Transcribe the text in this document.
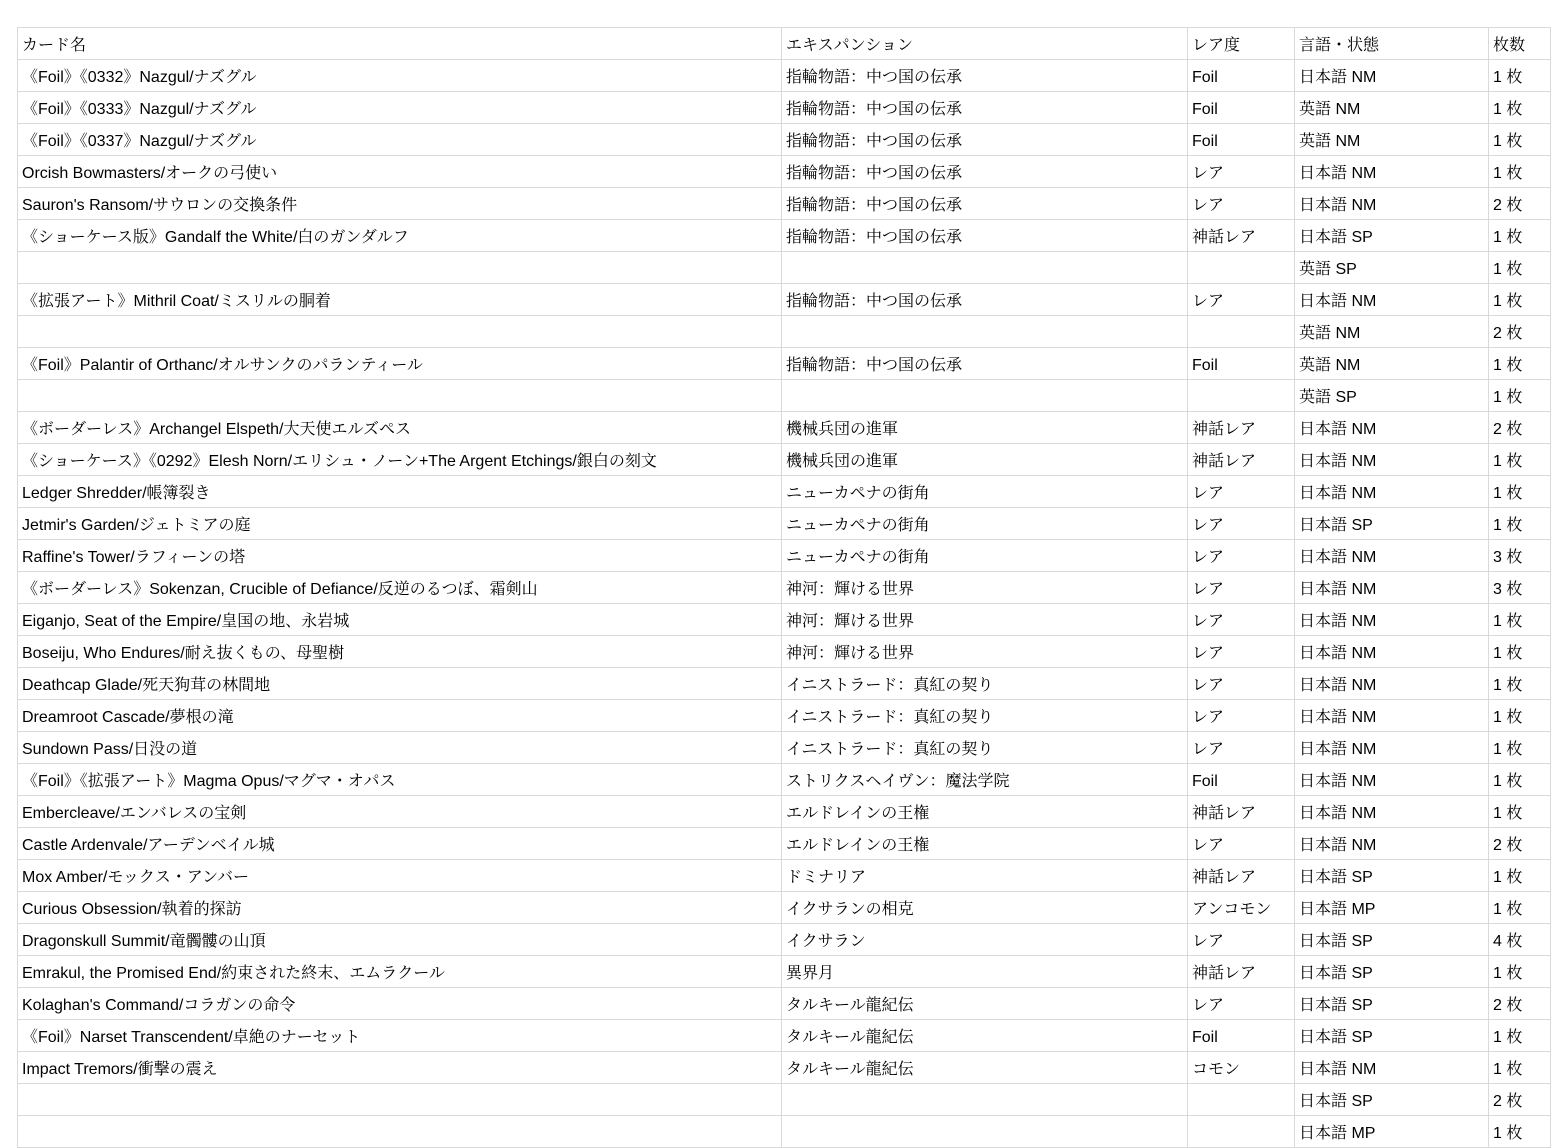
カード名	エキスパンション	レア度	言語・状態	枚数
《Foil》《0332》Nazgul/ナズグル	指輪物語：中つ国の伝承	Foil	日本語 NM	1 枚
《Foil》《0333》Nazgul/ナズグル	指輪物語：中つ国の伝承	Foil	英語 NM	1 枚
《Foil》《0337》Nazgul/ナズグル	指輪物語：中つ国の伝承	Foil	英語 NM	1 枚
Orcish Bowmasters/オークの弓使い	指輪物語：中つ国の伝承	レア	日本語 NM	1 枚
Sauron's Ransom/サウロンの交換条件	指輪物語：中つ国の伝承	レア	日本語 NM	2 枚
《ショーケース版》Gandalf the White/白のガンダルフ	指輪物語：中つ国の伝承	神話レア	日本語 SP	1 枚
			英語 SP	1 枚
《拡張アート》Mithril Coat/ミスリルの胴着	指輪物語：中つ国の伝承	レア	日本語 NM	1 枚
			英語 NM	2 枚
《Foil》Palantir of Orthanc/オルサンクのパランティール	指輪物語：中つ国の伝承	Foil	英語 NM	1 枚
			英語 SP	1 枚
《ボーダーレス》Archangel Elspeth/大天使エルズペス	機械兵団の進軍	神話レア	日本語 NM	2 枚
《ショーケース》《0292》Elesh Norn/エリシュ・ノーン+The Argent Etchings/銀白の刻文	機械兵団の進軍	神話レア	日本語 NM	1 枚
Ledger Shredder/帳簿裂き	ニューカペナの街角	レア	日本語 NM	1 枚
Jetmir's Garden/ジェトミアの庭	ニューカペナの街角	レア	日本語 SP	1 枚
Raffine's Tower/ラフィーンの塔	ニューカペナの街角	レア	日本語 NM	3 枚
《ボーダーレス》Sokenzan, Crucible of Defiance/反逆のるつぼ、霜剣山	神河：輝ける世界	レア	日本語 NM	3 枚
Eiganjo, Seat of the Empire/皇国の地、永岩城	神河：輝ける世界	レア	日本語 NM	1 枚
Boseiju, Who Endures/耐え抜くもの、母聖樹	神河：輝ける世界	レア	日本語 NM	1 枚
Deathcap Glade/死天狗茸の林間地	イニストラード：真紅の契り	レア	日本語 NM	1 枚
Dreamroot Cascade/夢根の滝	イニストラード：真紅の契り	レア	日本語 NM	1 枚
Sundown Pass/日没の道	イニストラード：真紅の契り	レア	日本語 NM	1 枚
《Foil》《拡張アート》Magma Opus/マグマ・オパス	ストリクスヘイヴン：魔法学院	Foil	日本語 NM	1 枚
Embercleave/エンバレスの宝剣	エルドレインの王権	神話レア	日本語 NM	1 枚
Castle Ardenvale/アーデンベイル城	エルドレインの王権	レア	日本語 NM	2 枚
Mox Amber/モックス・アンバー	ドミナリア	神話レア	日本語 SP	1 枚
Curious Obsession/執着的探訪	イクサランの相克	アンコモン	日本語 MP	1 枚
Dragonskull Summit/竜髑髏の山頂	イクサラン	レア	日本語 SP	4 枚
Emrakul, the Promised End/約束された終末、エムラクール	異界月	神話レア	日本語 SP	1 枚
Kolaghan's Command/コラガンの命令	タルキール龍紀伝	レア	日本語 SP	2 枚
《Foil》Narset Transcendent/卓絶のナーセット	タルキール龍紀伝	Foil	日本語 SP	1 枚
Impact Tremors/衝撃の震え	タルキール龍紀伝	コモン	日本語 NM	1 枚
			日本語 SP	2 枚
			日本語 MP	1 枚
